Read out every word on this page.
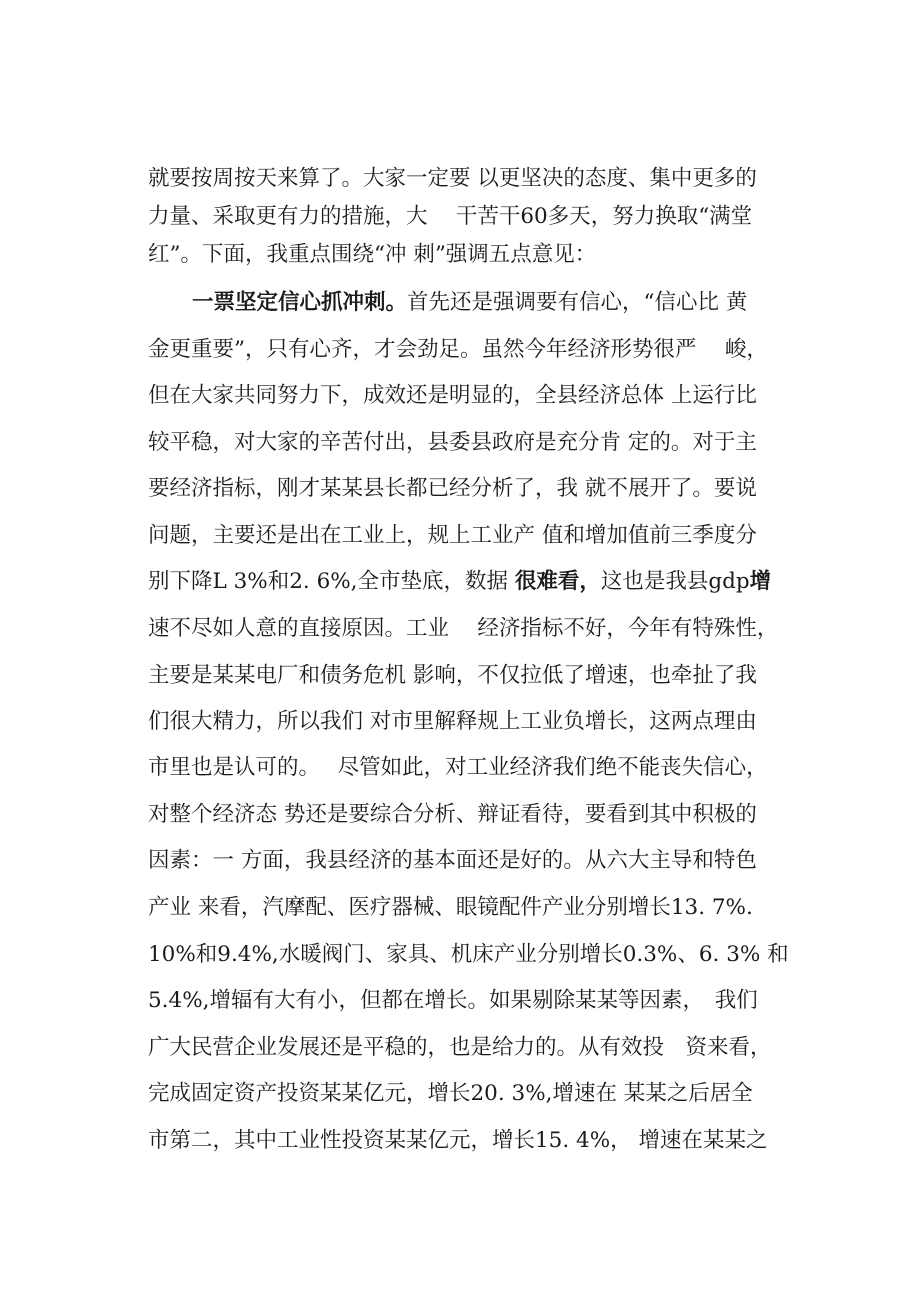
就要按周按天来算了。大家一定要 以更坚决的态度、集中更多的
力量、采取更有力的措施，大　 干苦干60多天，努力换取“满堂
红”。下面，我重点围绕“冲 刺”强调五点意见：
一票坚定信心抓冲刺。首先还是强调要有信心，“信心比 黄
金更重要”，只有心齐，才会劲足。虽然今年经济形势很严　 峻，
但在大家共同努力下，成效还是明显的，全县经济总体 上运行比
较平稳，对大家的辛苦付出，县委县政府是充分肯 定的。对于主
要经济指标，刚才某某县长都已经分析了，我 就不展开了。要说
问题，主要还是出在工业上，规上工业产 值和增加值前三季度分
别下降L 3%和2. 6%,全市垫底，数据 很难看，这也是我县gdp增
速不尽如人意的直接原因。工业　 经济指标不好，今年有特殊性，
主要是某某电厂和债务危机 影响，不仅拉低了增速，也牵扯了我
们很大精力，所以我们 对市里解释规上工业负增长，这两点理由
市里也是认可的。　 尽管如此，对工业经济我们绝不能丧失信心，
对整个经济态 势还是要综合分析、辩证看待，要看到其中积极的
因素：一 方面，我县经济的基本面还是好的。从六大主导和特色
产业 来看，汽摩配、医疗器械、眼镜配件产业分别增长13. 7%.
10%和9.4%,水暖阀门、家具、机床产业分别增长0.3%、6. 3% 和
5.4%,增辐有大有小，但都在增长。如果剔除某某等因素，　我们
广大民营企业发展还是平稳的，也是给力的。从有效投　资来看，
完成固定资产投资某某亿元，增长20. 3%,增速在 某某之后居全
市第二，其中工业性投资某某亿元，增长15. 4%， 增速在某某之
